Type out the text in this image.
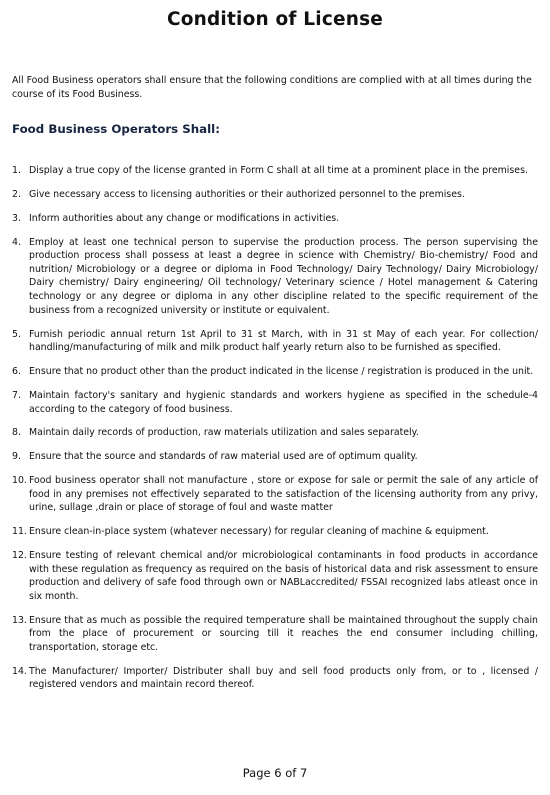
Condition of License
All Food Business operators shall ensure that the following conditions are complied with at all times during the course of its Food Business.
Food Business Operators Shall:
1. Display a true copy of the license granted in Form C shall at all time at a prominent place in the premises.
2. Give necessary access to licensing authorities or their authorized personnel to the premises.
3. Inform authorities about any change or modifications in activities.
4. Employ at least one technical person to supervise the production process. The person supervising the production process shall possess at least a degree in science with Chemistry/ Bio-chemistry/ Food and nutrition/ Microbiology or a degree or diploma in Food Technology/ Dairy Technology/ Dairy Microbiology/ Dairy chemistry/ Dairy engineering/ Oil technology/ Veterinary science / Hotel management & Catering technology or any degree or diploma in any other discipline related to the specific requirement of the business from a recognized university or institute or equivalent.
5. Furnish periodic annual return 1st April to 31 st March, with in 31 st May of each year. For collection/ handling/manufacturing of milk and milk product half yearly return also to be furnished as specified.
6. Ensure that no product other than the product indicated in the license / registration is produced in the unit.
7. Maintain factory's sanitary and hygienic standards and workers hygiene as specified in the schedule-4 according to the category of food business.
8. Maintain daily records of production, raw materials utilization and sales separately.
9. Ensure that the source and standards of raw material used are of optimum quality.
10. Food business operator shall not manufacture , store or expose for sale or permit the sale of any article of food in any premises not effectively separated to the satisfaction of the licensing authority from any privy, urine, sullage ,drain or place of storage of foul and waste matter
11. Ensure clean-in-place system (whatever necessary) for regular cleaning of machine & equipment.
12. Ensure testing of relevant chemical and/or microbiological contaminants in food products in accordance with these regulation as frequency as required on the basis of historical data and risk assessment to ensure production and delivery of safe food through own or NABLaccredited/ FSSAI recognized labs atleast once in six month.
13. Ensure that as much as possible the required temperature shall be maintained throughout the supply chain from the place of procurement or sourcing till it reaches the end consumer including chilling, transportation, storage etc.
14. The Manufacturer/ Importer/ Distributer shall buy and sell food products only from, or to , licensed / registered vendors and maintain record thereof.
Page 6 of 7
